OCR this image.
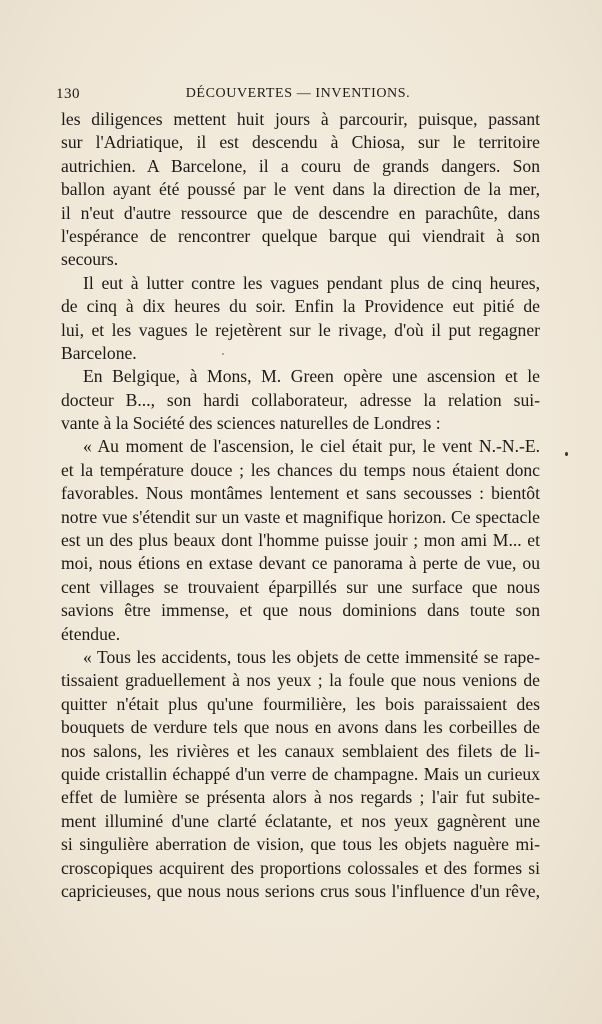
130	DÉCOUVERTES — INVENTIONS.
les diligences mettent huit jours à parcourir, puisque, passant
sur l'Adriatique, il est descendu à Chiosa, sur le territoire
autrichien. A Barcelone, il a couru de grands dangers. Son
ballon ayant été poussé par le vent dans la direction de la mer,
il n'eut d'autre ressource que de descendre en parachûte, dans
l'espérance de rencontrer quelque barque qui viendrait à son
secours.
Il eut à lutter contre les vagues pendant plus de cinq heures,
de cinq à dix heures du soir. Enfin la Providence eut pitié de
lui, et les vagues le rejetèrent sur le rivage, d'où il put regagner
Barcelone.
En Belgique, à Mons, M. Green opère une ascension et le
docteur B..., son hardi collaborateur, adresse la relation sui-
vante à la Société des sciences naturelles de Londres :
« Au moment de l'ascension, le ciel était pur, le vent N.-N.-E.
et la température douce ; les chances du temps nous étaient donc
favorables. Nous montâmes lentement et sans secousses : bientôt
notre vue s'étendit sur un vaste et magnifique horizon. Ce spectacle
est un des plus beaux dont l'homme puisse jouir ; mon ami M... et
moi, nous étions en extase devant ce panorama à perte de vue, ou
cent villages se trouvaient éparpillés sur une surface que nous
savions être immense, et que nous dominions dans toute son
étendue.
« Tous les accidents, tous les objets de cette immensité se rape-
tissaient graduellement à nos yeux ; la foule que nous venions de
quitter n'était plus qu'une fourmilière, les bois paraissaient des
bouquets de verdure tels que nous en avons dans les corbeilles de
nos salons, les rivières et les canaux semblaient des filets de li-
quide cristallin échappé d'un verre de champagne. Mais un curieux
effet de lumière se présenta alors à nos regards ; l'air fut subite-
ment illuminé d'une clarté éclatante, et nos yeux gagnèrent une
si singulière aberration de vision, que tous les objets naguère mi-
croscopiques acquirent des proportions colossales et des formes si
capricieuses, que nous nous serions crus sous l'influence d'un rêve,
